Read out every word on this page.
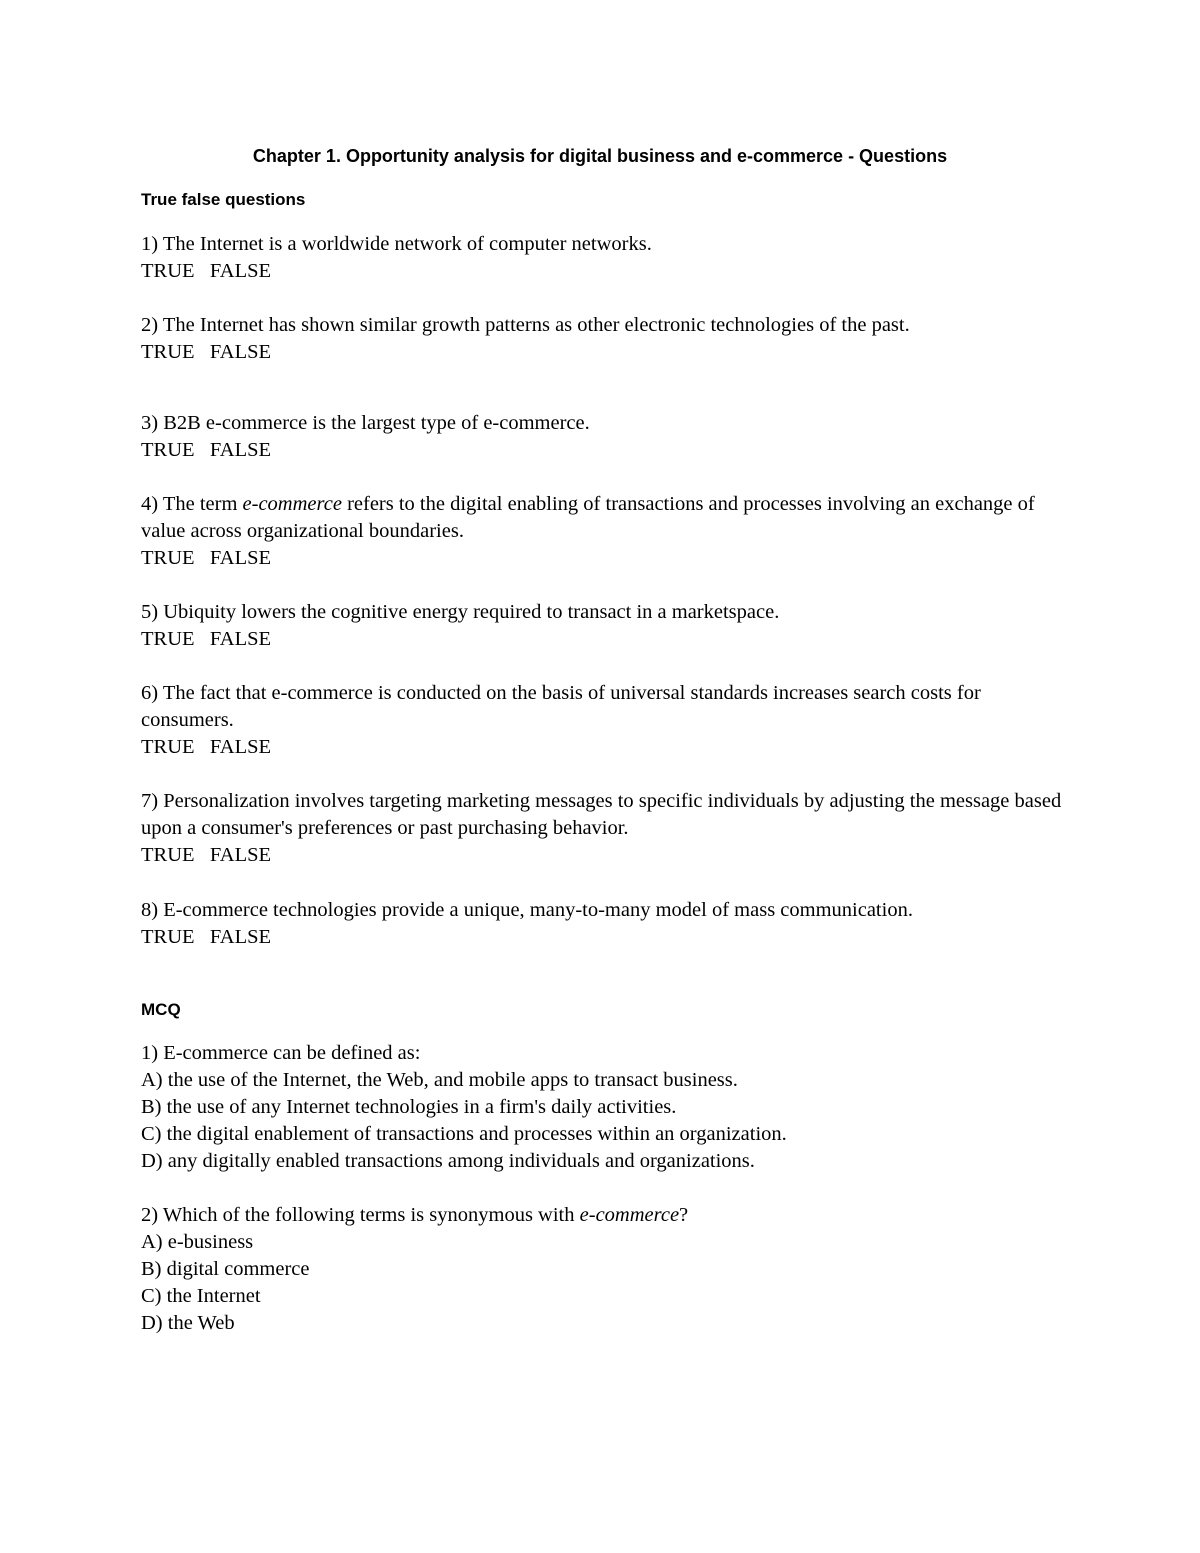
Chapter 1. Opportunity analysis for digital business and e-commerce - Questions
True false questions
1) The Internet is a worldwide network of computer networks.
TRUE FALSE
2) The Internet has shown similar growth patterns as other electronic technologies of the past.
TRUE FALSE
3) B2B e-commerce is the largest type of e-commerce.
TRUE FALSE
4) The term e-commerce refers to the digital enabling of transactions and processes involving an exchange of value across organizational boundaries.
TRUE FALSE
5) Ubiquity lowers the cognitive energy required to transact in a marketspace.
TRUE FALSE
6) The fact that e-commerce is conducted on the basis of universal standards increases search costs for consumers.
TRUE FALSE
7) Personalization involves targeting marketing messages to specific individuals by adjusting the message based upon a consumer's preferences or past purchasing behavior.
TRUE FALSE
8) E-commerce technologies provide a unique, many-to-many model of mass communication.
TRUE FALSE
MCQ
1) E-commerce can be defined as:
A) the use of the Internet, the Web, and mobile apps to transact business.
B) the use of any Internet technologies in a firm's daily activities.
C) the digital enablement of transactions and processes within an organization.
D) any digitally enabled transactions among individuals and organizations.
2) Which of the following terms is synonymous with e-commerce?
A) e-business
B) digital commerce
C) the Internet
D) the Web
